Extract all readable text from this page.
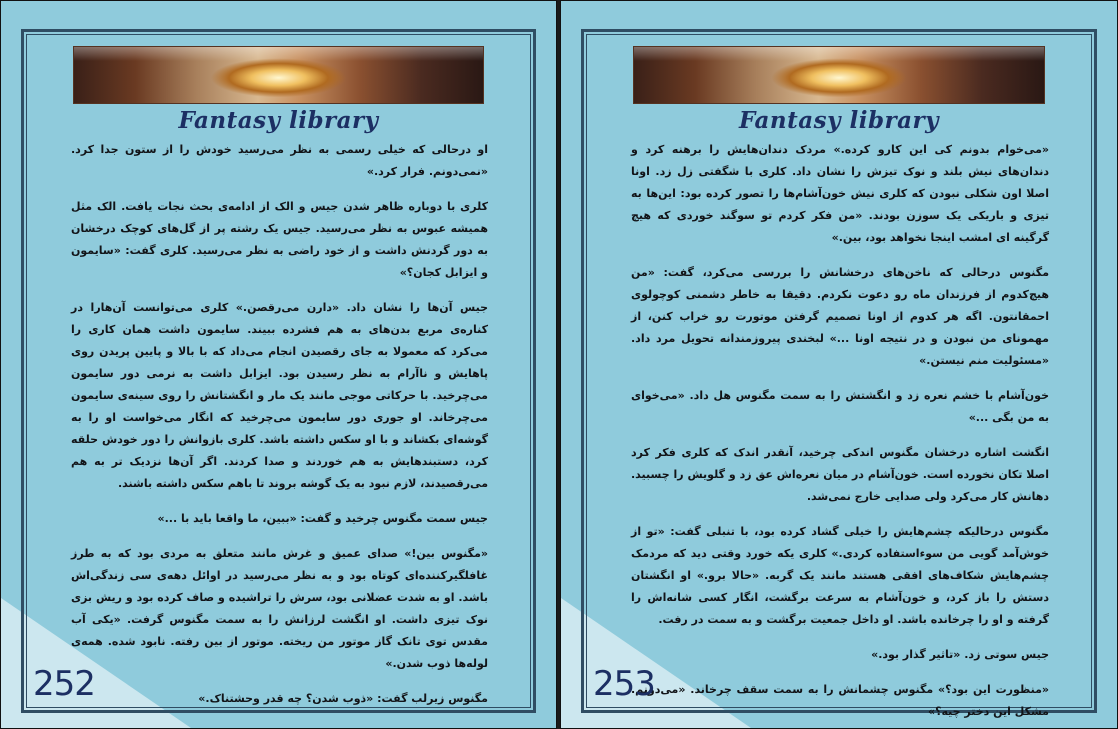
Fantasy library

او درحالی که خیلی رسمی به نظر می‌رسید خودش را از ستون جدا کرد. «نمی‌دونم. فرار کرد.»

کلری با دوباره ظاهر شدن جیس و الک از ادامه‌ی بحث نجات یافت. الک مثل همیشه عبوس به نظر می‌رسید. جیس یک رشته پر از گل‌های کوچک درخشان به دور گردنش داشت و از خود راضی به نظر می‌رسید. کلری گفت: «سایمون و ایزابل کجان؟»

جیس آن‌ها را نشان داد. «دارن می‌رقصن.» کلری می‌توانست آن‌هارا در کناره‌ی مربع بدن‌های به هم فشرده ببیند. سایمون داشت همان کاری را می‌کرد که معمولا به جای رقصیدن انجام می‌داد که با بالا و پایین پریدن روی پاهایش و ناآرام به نظر رسیدن بود. ایزابل داشت به نرمی دور سایمون می‌چرخید. با حرکاتی موجی مانند یک مار و انگشتانش را روی سینه‌ی سایمون می‌چرخاند. او جوری دور سایمون می‌چرخید که انگار می‌خواست او را به گوشه‌ای بکشاند و با او سکس داشته باشد. کلری بازوانش را دور خودش حلقه کرد، دستبندهایش به هم خوردند و صدا کردند. اگر آن‌ها نزدیک تر به هم می‌رقصیدند، لازم نبود به یک گوشه بروند تا باهم سکس داشته باشند.

جیس سمت مگنوس چرخید و گفت: «ببین، ما واقعا باید با ...»

«مگنوس بین!» صدای عمیق و غرش مانند متعلق به مردی بود که به طرز غافلگیرکننده‌ای کوتاه بود و به نظر می‌رسید در اوائل دهه‌ی سی زندگی‌اش باشد. او به شدت عضلانی بود، سرش را تراشیده و صاف کرده بود و ریش بزی نوک تیزی داشت. او انگشت لرزانش را به سمت مگنوس گرفت. «یکی آب مقدس توی تانک گاز موتور من ریخته. موتور از بین رفته. نابود شده. همه‌ی لوله‌ها ذوب شدن.»

مگنوس زیرلب گفت: «ذوب شدن؟ چه قدر وحشتناک.»

252
Fantasy library

«می‌خوام بدونم کی این کارو کرده.» مردک دندان‌هایش را برهنه کرد و دندان‌های نیش بلند و نوک تیزش را نشان داد. کلری با شگفتی زل زد. اونا اصلا اون شکلی نبودن که کلری نیش خون‌آشام‌ها را تصور کرده بود: این‌ها به تیزی و باریکی یک سوزن بودند. «من فکر کردم تو سوگند خوردی که هیچ گرگینه ای امشب اینجا نخواهد بود، بین.»

مگنوس درحالی که ناخن‌های درخشانش را بررسی می‌کرد، گفت: «من هیچ‌کدوم از فرزندان ماه رو دعوت نکردم. دقیقا به خاطر دشمنی کوچولوی احمقانتون. اگه هر کدوم از اونا تصمیم گرفتن موتورت رو خراب کنن، از مهمونای من نبودن و در نتیجه اونا ...» لبخندی پیروزمندانه تحویل مرد داد. «مسئولیت منم نیستن.»

خون‌آشام با خشم نعره زد و انگشتش را به سمت مگنوس هل داد. «می‌خوای به من بگی ...»

انگشت اشاره درخشان مگنوس اندکی چرخید، آنقدر اندک که کلری فکر کرد اصلا تکان نخورده است. خون‌آشام در میان نعره‌اش عق زد و گلویش را چسبید. دهانش کار می‌کرد ولی صدایی خارج نمی‌شد.

مگنوس درحالیکه چشم‌هایش را خیلی گشاد کرده بود، با تنبلی گفت: «تو از خوش‌آمد گویی من سوءاستفاده کردی.» کلری یکه خورد وقتی دید که مردمک چشم‌هایش شکاف‌های افقی هستند مانند یک گربه. «حالا برو.» او انگشتان دستش را باز کرد، و خون‌آشام به سرعت برگشت، انگار کسی شانه‌اش را گرفته و او را چرخانده باشد. او داخل جمعیت برگشت و به سمت در رفت.

جیس سوتی زد. «تاثیر گذار بود.»

«منظورت این بود؟» مگنوس چشمانش را به سمت سقف چرخاند. «می‌دونم. مشکل این دختر چیه؟»

253
